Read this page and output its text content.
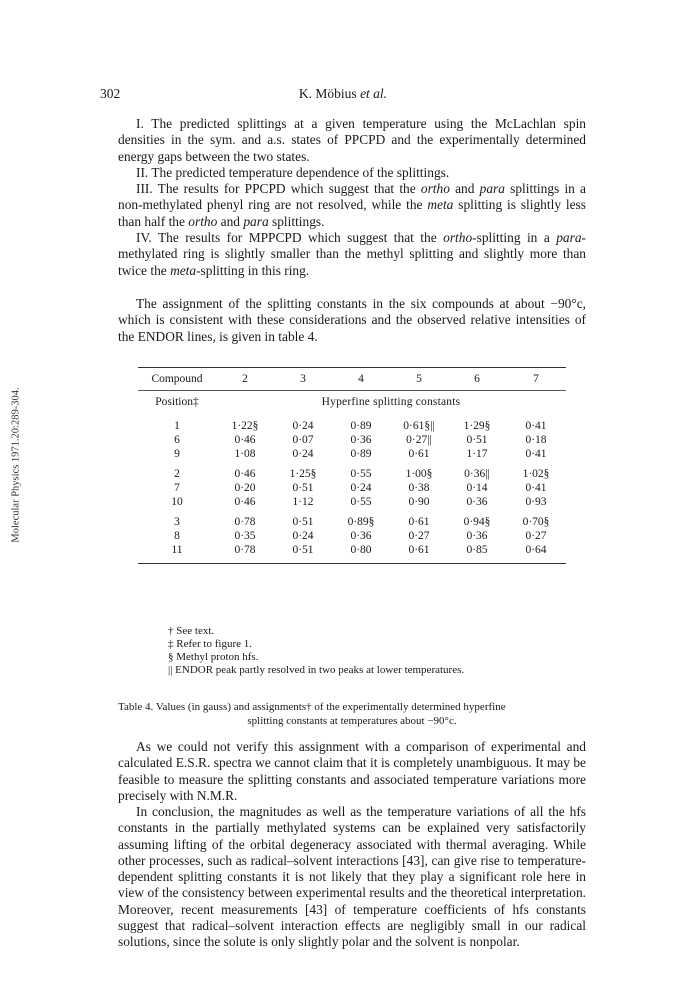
Molecular Physics 1971.20:289-304.
302	K. Möbius et al.

I. The predicted splittings at a given temperature using the McLachlan spin densities in the sym. and a.s. states of PPCPD and the experimentally determined energy gaps between the two states.

II. The predicted temperature dependence of the splittings.

III. The results for PPCPD which suggest that the ortho and para splittings in a non-methylated phenyl ring are not resolved, while the meta splitting is slightly less than half the ortho and para splittings.

IV. The results for MPPCPD which suggest that the ortho-splitting in a para-methylated ring is slightly smaller than the methyl splitting and slightly more than twice the meta-splitting in this ring.

The assignment of the splitting constants in the six compounds at about −90°c, which is consistent with these considerations and the observed relative intensities of the ENDOR lines, is given in table 4.

Compound	2	3	4	5	6	7
Position‡	Hyperfine splitting constants					

1	1·22§	0·24	0·89	0·61§||	1·29§	0·41
6	0·46	0·07	0·36	0·27||	0·51	0·18
9	1·08	0·24	0·89	0·61	1·17	0·41

2	0·46	1·25§	0·55	1·00§	0·36||	1·02§
7	0·20	0·51	0·24	0·38	0·14	0·41
10	0·46	1·12	0·55	0·90	0·36	0·93

3	0·78	0·51	0·89§	0·61	0·94§	0·70§
8	0·35	0·24	0·36	0·27	0·36	0·27
11	0·78	0·51	0·80	0·61	0·85	0·64
† See text.
‡ Refer to figure 1.
§ Methyl proton hfs.
|| ENDOR peak partly resolved in two peaks at lower temperatures.
Table 4. Values (in gauss) and assignments† of the experimentally determined hyperfine
splitting constants at temperatures about −90°c.

As we could not verify this assignment with a comparison of experimental and calculated E.S.R. spectra we cannot claim that it is completely unambiguous. It may be feasible to measure the splitting constants and associated temperature variations more precisely with N.M.R.

In conclusion, the magnitudes as well as the temperature variations of all the hfs constants in the partially methylated systems can be explained very satisfactorily assuming lifting of the orbital degeneracy associated with thermal averaging. While other processes, such as radical–solvent interactions [43], can give rise to temperature-dependent splitting constants it is not likely that they play a significant role here in view of the consistency between experimental results and the theoretical interpretation. Moreover, recent measurements [43] of temperature coefficients of hfs constants suggest that radical–solvent interaction effects are negligibly small in our radical solutions, since the solute is only slightly polar and the solvent is nonpolar.
